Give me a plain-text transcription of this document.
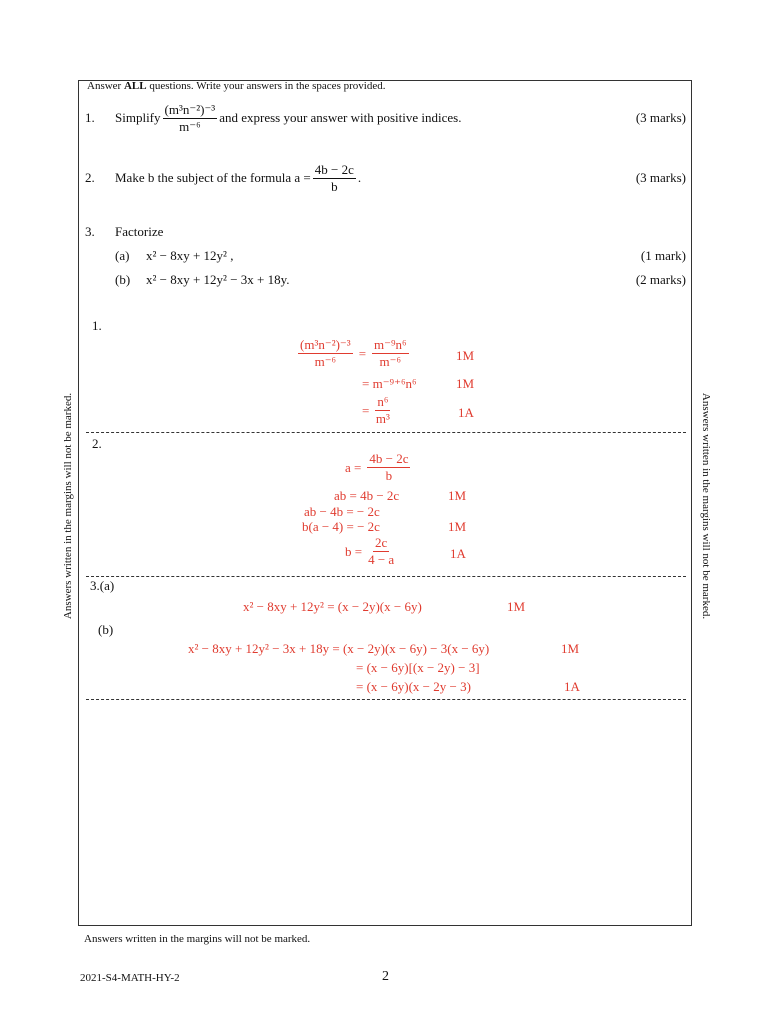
Answers written in the margins will not be marked.	Answers written in the margins will not be marked.
Answer ALL questions. Write your answers in the spaces provided.
1. Simplify $\frac{\text{(m³n⁻²)⁻³}}{\text{m⁻⁶}}$ and express your answer with positive indices.	(3 marks)
2. Make b the subject of the formula $a = \frac{4b - 2c}{b}$ .	(3 marks)
3. Factorize
(a) x² − 8xy + 12y² ,	(1 mark)
(b) x² − 8xy + 12y² − 3x + 18y.	(2 marks)
1.
$\frac{\text{(m³n⁻²)⁻³}}{\text{m⁻⁶}} = \frac{\text{m⁻⁹n⁶}}{\text{m⁻⁶}}$	1M
= m⁻⁹⁺⁶n⁶	1M
= $\frac{\text{n⁶}}{\text{m³}}$	1A
2.
$a = \frac{4b - 2c}{b}$
ab = 4b − 2c	1M
ab − 4b = − 2c
b(a − 4) = − 2c	1M
$b = \frac{2c}{4 - a}$	1A
3.(a)
x² − 8xy + 12y² = (x − 2y)(x − 6y)	1M
(b)
x² − 8xy + 12y² − 3x + 18y = (x − 2y)(x − 6y) − 3(x − 6y)	1M
= (x − 6y)[(x − 2y) − 3]
= (x − 6y)(x − 2y − 3)	1A
Answers written in the margins will not be marked.
2021-S4-MATH-HY-2	2
